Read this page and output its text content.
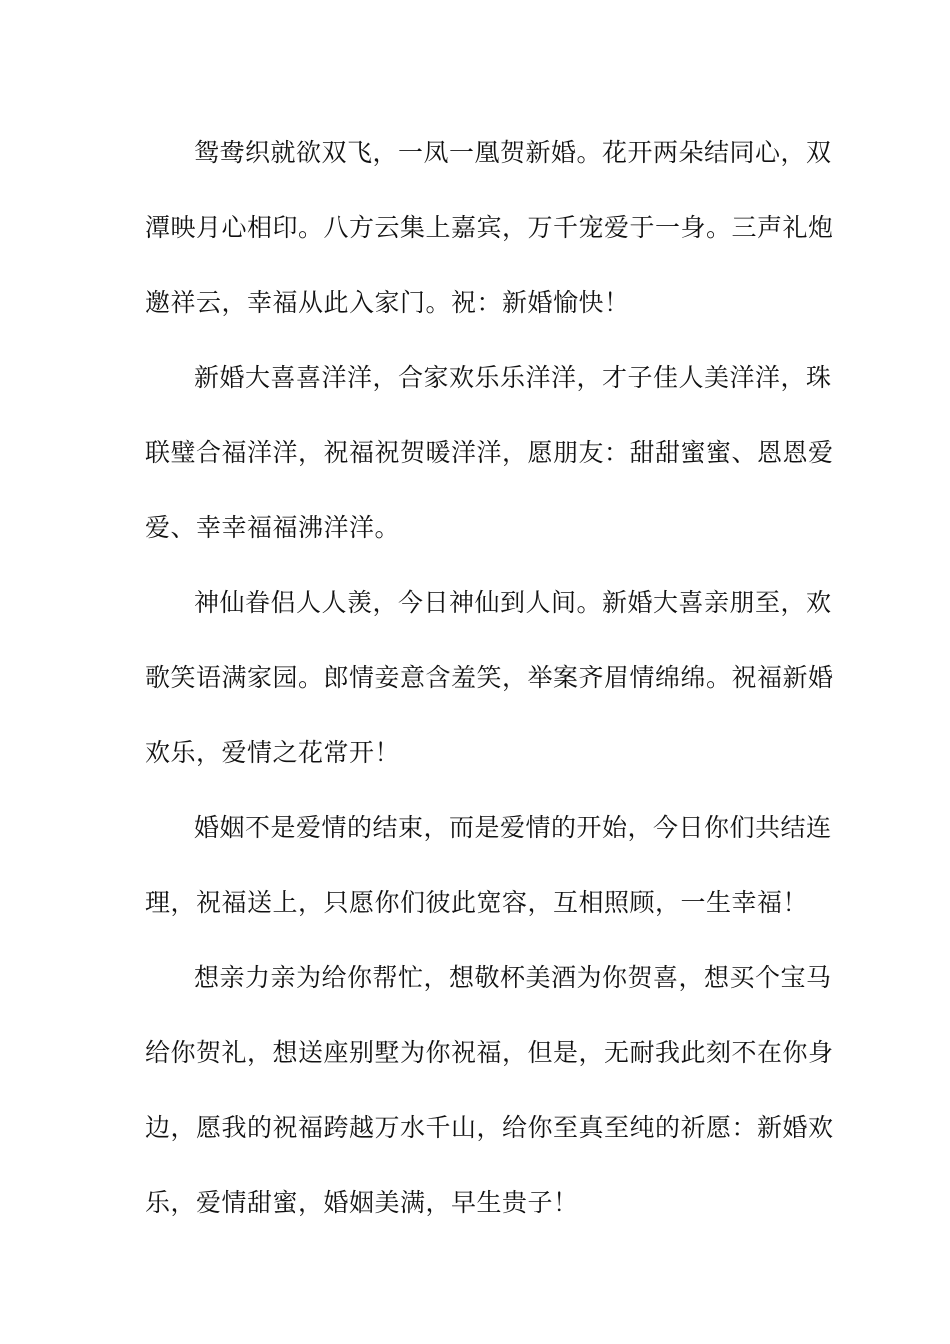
鸳鸯织就欲双飞，一凤一凰贺新婚。花开两朵结同心，双
潭映月心相印。八方云集上嘉宾，万千宠爱于一身。三声礼炮
邀祥云，幸福从此入家门。祝：新婚愉快！

新婚大喜喜洋洋，合家欢乐乐洋洋，才子佳人美洋洋，珠
联璧合福洋洋，祝福祝贺暖洋洋，愿朋友：甜甜蜜蜜、恩恩爱
爱、幸幸福福沸洋洋。

神仙眷侣人人羡，今日神仙到人间。新婚大喜亲朋至，欢
歌笑语满家园。郎情妾意含羞笑，举案齐眉情绵绵。祝福新婚
欢乐，爱情之花常开！

婚姻不是爱情的结束，而是爱情的开始，今日你们共结连
理，祝福送上，只愿你们彼此宽容，互相照顾，一生幸福！

想亲力亲为给你帮忙，想敬杯美酒为你贺喜，想买个宝马
给你贺礼，想送座别墅为你祝福，但是，无耐我此刻不在你身
边，愿我的祝福跨越万水千山，给你至真至纯的祈愿：新婚欢
乐，爱情甜蜜，婚姻美满，早生贵子！
